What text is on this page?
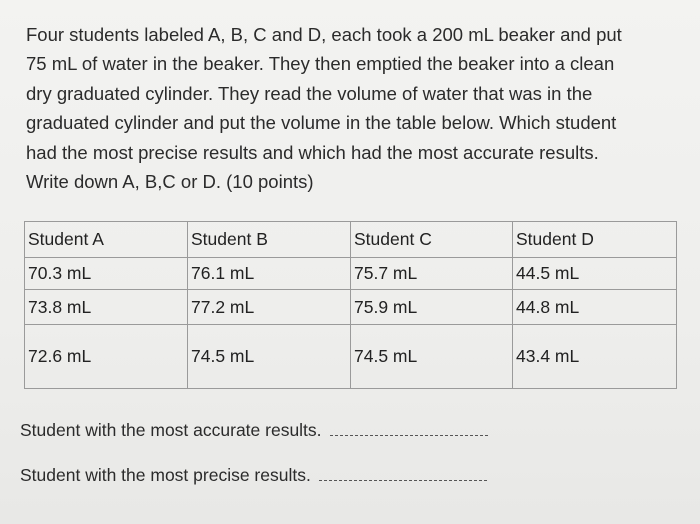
Four students labeled A, B, C and D, each took a 200 mL beaker and put
75 mL of water in the beaker. They then emptied the beaker into a clean
dry graduated cylinder. They read the volume of water that was in the
graduated cylinder and put the volume in the table below. Which student
had the most precise results and which had the most accurate results.
Write down A, B,C or D. (10 points)
Student A	Student B	Student C	Student D
70.3 mL	76.1 mL	75.7 mL	44.5 mL
73.8 mL	77.2 mL	75.9 mL	44.8 mL
72.6 mL	74.5 mL	74.5 mL	43.4 mL
Student with the most accurate results.
Student with the most precise results.
